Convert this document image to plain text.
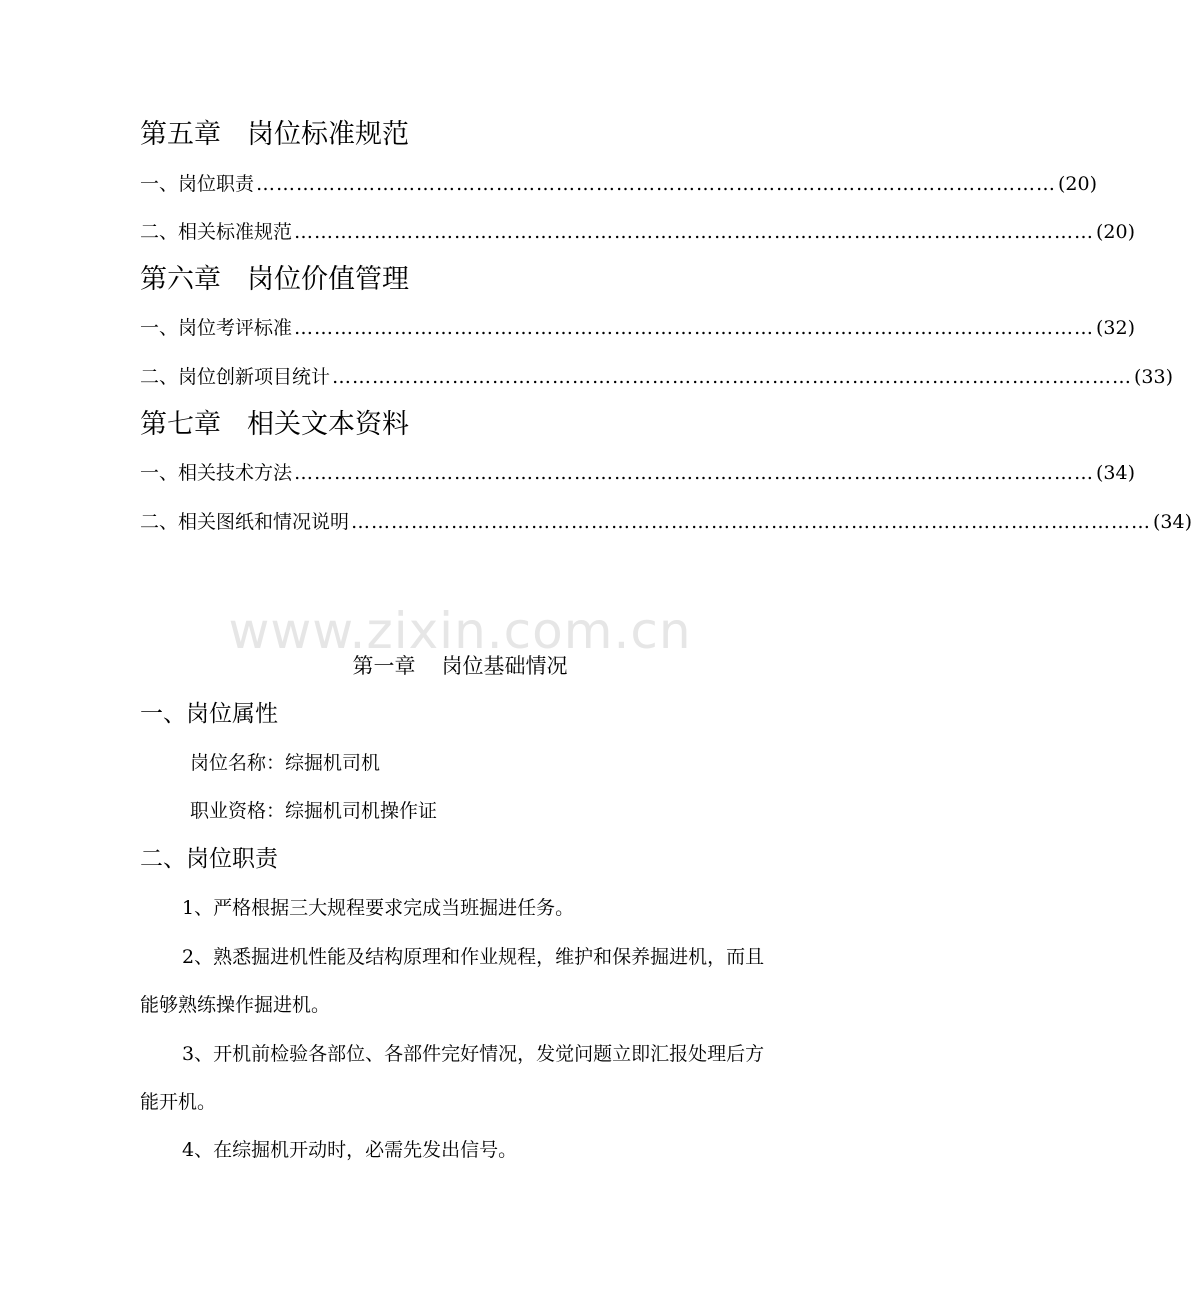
第五章 岗位标准规范
一、岗位职责 ………………………………………………………………………………………………………… (20)
二、相关标准规范 ………………………………………………………………………………………………………… (20)
第六章 岗位价值管理
一、岗位考评标准 ………………………………………………………………………………………………………… (32)
二、岗位创新项目统计 ………………………………………………………………………………………………………… (33)
第七章 相关文本资料
一、相关技术方法 ………………………………………………………………………………………………………… (34)
二、相关图纸和情况说明 ………………………………………………………………………………………………………… (34)
www.zixin.com.cn
第一章 岗位基础情况
一、岗位属性
岗位名称：综掘机司机
职业资格：综掘机司机操作证
二、岗位职责
1、严格根据三大规程要求完成当班掘进任务。
2、熟悉掘进机性能及结构原理和作业规程，维护和保养掘进机，而且能够熟练操作掘进机。
3、开机前检验各部位、各部件完好情况，发觉问题立即汇报处理后方能开机。
4、在综掘机开动时，必需先发出信号。
